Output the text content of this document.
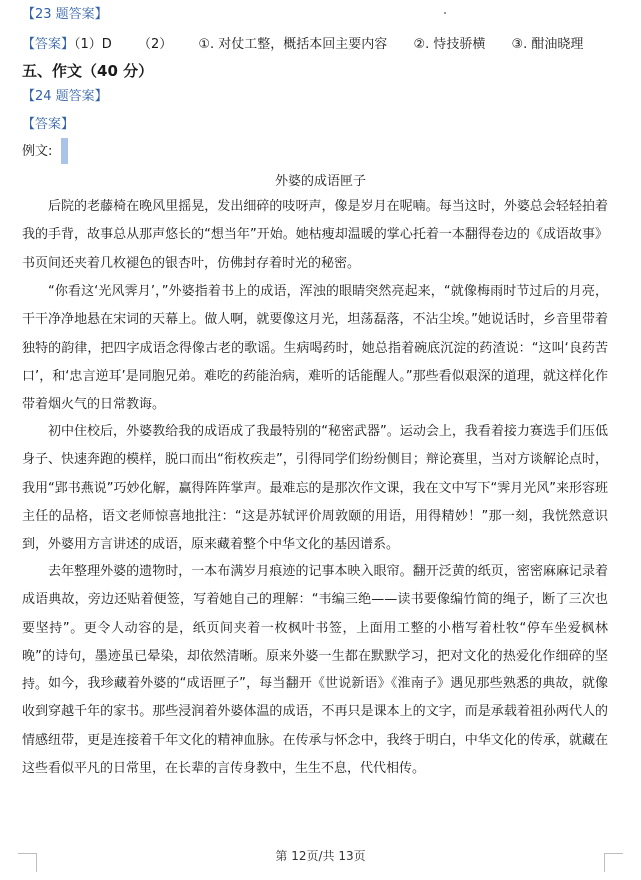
【23 题答案】
【答案】（1）D （2） ①. 对仗工整，概括本回主要内容 ②. 恃技骄横 ③. 酣油晓理
五、作文（40 分）
【24 题答案】
【答案】
例文:
外婆的成语匣子
后院的老藤椅在晚风里摇晃，发出细碎的吱呀声，像是岁月在呢喃。每当这时，外婆总会轻轻拍着我的手背，故事总从那声悠长的“想当年”开始。她枯瘦却温暖的掌心托着一本翻得卷边的《成语故事》书页间还夹着几枚褪色的银杏叶，仿佛封存着时光的秘密。
“你看这‘光风霁月’，”外婆指着书上的成语，浑浊的眼睛突然亮起来，“就像梅雨时节过后的月亮，干干净净地悬在宋词的天幕上。做人啊，就要像这月光，坦荡磊落，不沾尘埃。”她说话时，乡音里带着独特的韵律，把四字成语念得像古老的歌谣。生病喝药时，她总指着碗底沉淀的药渣说：“这叫‘良药苦口’，和‘忠言逆耳’是同胞兄弟。难吃的药能治病，难听的话能醒人。”那些看似艰深的道理，就这样化作带着烟火气的日常教诲。
初中住校后，外婆教给我的成语成了我最特别的“秘密武器”。运动会上，我看着接力赛选手们压低身子、快速奔跑的模样，脱口而出“衔枚疾走”，引得同学们纷纷侧目；辩论赛里，当对方谈解论点时，我用“郢书燕说”巧妙化解，赢得阵阵掌声。最难忘的是那次作文课，我在文中写下“霁月光风”来形容班主任的品格，语文老师惊喜地批注：“这是苏轼评价周敦颐的用语，用得精妙！”那一刻，我恍然意识到，外婆用方言讲述的成语，原来藏着整个中华文化的基因谱系。
去年整理外婆的遗物时，一本布满岁月痕迹的记事本映入眼帘。翻开泛黄的纸页，密密麻麻记录着成语典故，旁边还贴着便签，写着她自己的理解：“韦编三绝——读书要像编竹简的绳子，断了三次也要坚持”。更令人动容的是，纸页间夹着一枚枫叶书签，上面用工整的小楷写着杜牧“停车坐爱枫林晚”的诗句，墨迹虽已晕染，却依然清晰。原来外婆一生都在默默学习，把对文化的热爱化作细碎的坚持。 如今，我珍藏着外婆的“成语匣子”，每当翻开《世说新语》《淮南子》遇见那些熟悉的典故，就像收到穿越千年的家书。那些浸润着外婆体温的成语，不再只是课本上的文字，而是承载着祖孙两代人的情感纽带，更是连接着千年文化的精神血脉。在传承与怀念中，我终于明白，中华文化的传承，就藏在这些看似平凡的日常里，在长辈的言传身教中，生生不息，代代相传。
第 12页/共 13页
